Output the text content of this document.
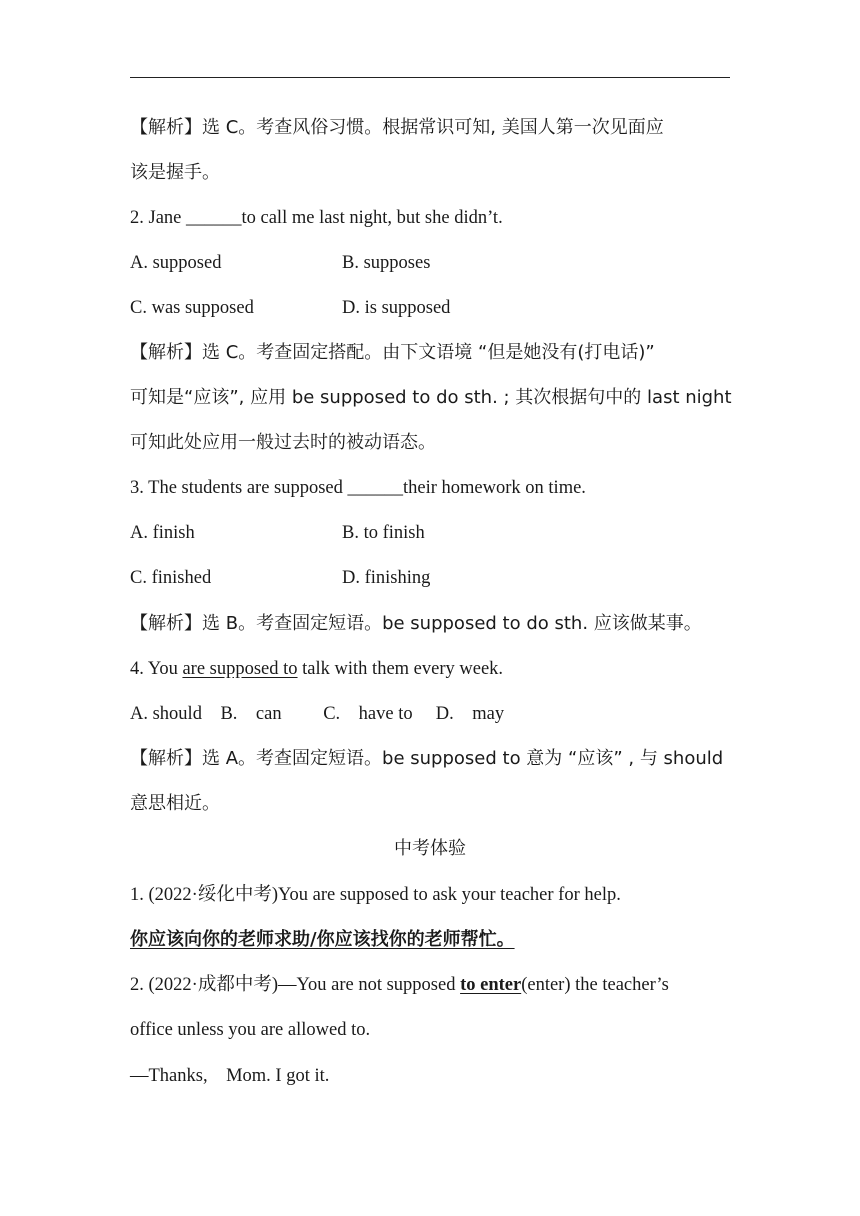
【解析】选 C。考查风俗习惯。根据常识可知, 美国人第一次见面应
该是握手。
2. Jane ______to call me last night, but she didn’t.
A. supposed	B. supposes
C. was supposed	D. is supposed
【解析】选 C。考查固定搭配。由下文语境 “但是她没有(打电话)”
可知是“应该”, 应用 be supposed to do sth. ; 其次根据句中的 last night
可知此处应用一般过去时的被动语态。
3. The students are supposed ______their homework on time.
A. finish	B. to finish
C. finished	D. finishing
【解析】选 B。考查固定短语。be supposed to do sth. 应该做某事。
4. You are supposed to talk with them every week.
A. should    B.    can         C.    have to     D.    may
【解析】选 A。考查固定短语。be supposed to 意为 “应该” , 与 should
意思相近。
中考体验
1. (2022·绥化中考)You are supposed to ask your teacher for help.
你应该向你的老师求助/你应该找你的老师帮忙。
2. (2022·成都中考)—You are not supposed to enter(enter) the teacher’s
office unless you are allowed to.
—Thanks,    Mom. I got it.
